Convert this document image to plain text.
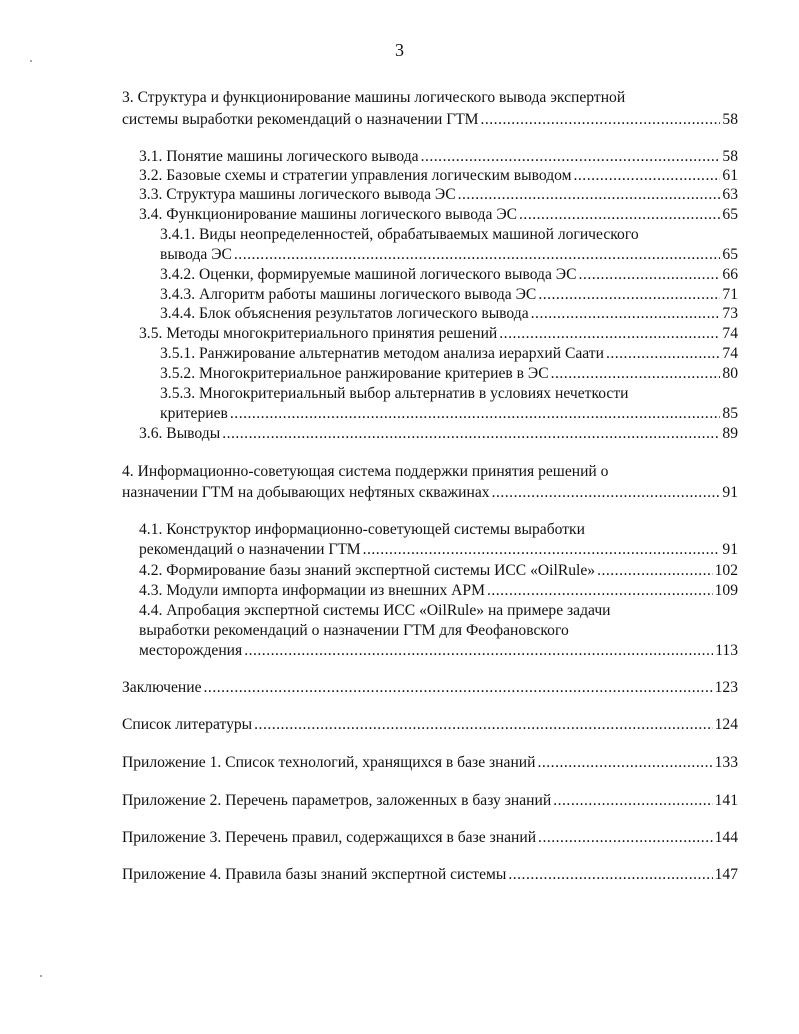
3
3. Структура и функционирование машины логического вывода экспертной
системы выработки рекомендаций о назначении ГТМ .....	58
3.1. Понятие машины логического вывода .....	58
3.2. Базовые схемы и стратегии управления логическим выводом .....	61
3.3. Структура машины логического вывода ЭС .....	63
3.4. Функционирование машины логического вывода ЭС .....	65
3.4.1. Виды неопределенностей, обрабатываемых машиной логического
вывода ЭС .....	65
3.4.2. Оценки, формируемые машиной логического вывода ЭС .....	66
3.4.3. Алгоритм работы машины логического вывода ЭС .....	71
3.4.4. Блок объяснения результатов логического вывода .....	73
3.5. Методы многокритериального принятия решений .....	74
3.5.1. Ранжирование альтернатив методом анализа иерархий Саати .....	74
3.5.2. Многокритериальное ранжирование критериев в ЭС .....	80
3.5.3. Многокритериальный выбор альтернатив в условиях нечеткости
критериев .....	85
3.6. Выводы .....	89
4. Информационно-советующая система поддержки принятия решений о
назначении ГТМ на добывающих нефтяных скважинах .....	91
4.1. Конструктор информационно-советующей системы выработки
рекомендаций о назначении ГТМ .....	91
4.2. Формирование базы знаний экспертной системы ИСС «OilRule» .....	102
4.3. Модули импорта информации из внешних АРМ .....	109
4.4. Апробация экспертной системы ИСС «OilRule» на примере задачи
выработки рекомендаций о назначении ГТМ для Феофановского
месторождения .....	113
Заключение .....	123
Список литературы .....	124
Приложение 1. Список технологий, хранящихся в базе знаний .....	133
Приложение 2. Перечень параметров, заложенных в базу знаний .....	141
Приложение 3. Перечень правил, содержащихся в базе знаний .....	144
Приложение 4. Правила базы знаний экспертной системы .....	147
